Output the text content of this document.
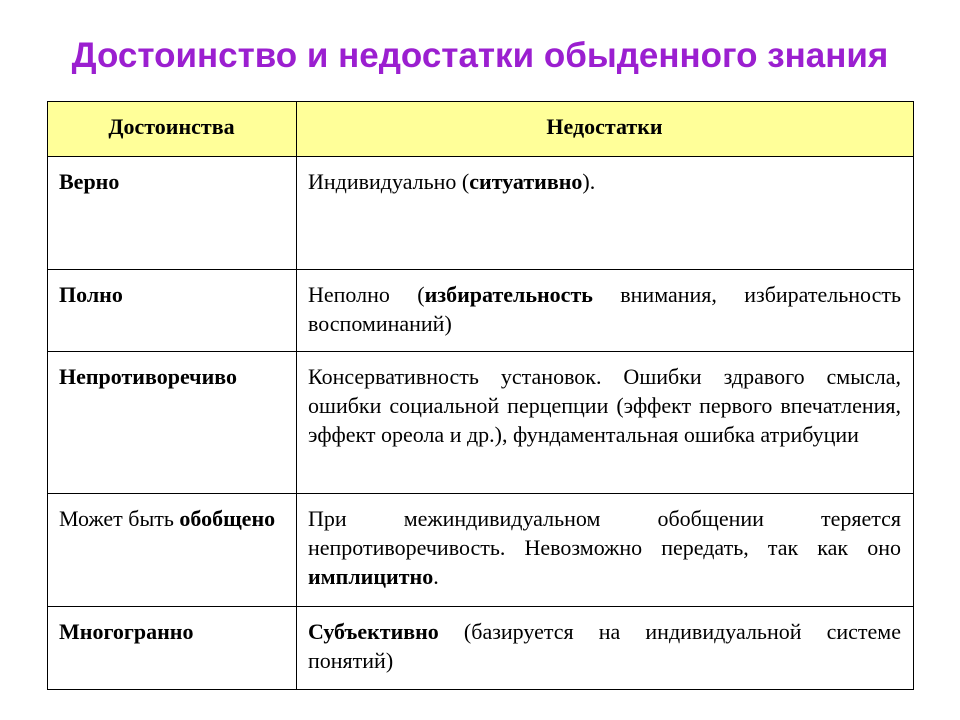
Достоинство и недостатки обыденного знания
Достоинства	Недостатки
Верно	Индивидуально (ситуативно).
Полно	Неполно (избирательность внимания, избирательность воспоминаний)
Непротиворечиво	Консервативность установок. Ошибки здравого смысла, ошибки социальной перцепции (эффект первого впечатления, эффект ореола и др.), фундаментальная ошибка атрибуции
Может быть обобщено	При межиндивидуальном обобщении теряется непротиворечивость. Невозможно передать, так как оно имплицитно.
Многогранно	Субъективно (базируется на индивидуальной системе понятий)
